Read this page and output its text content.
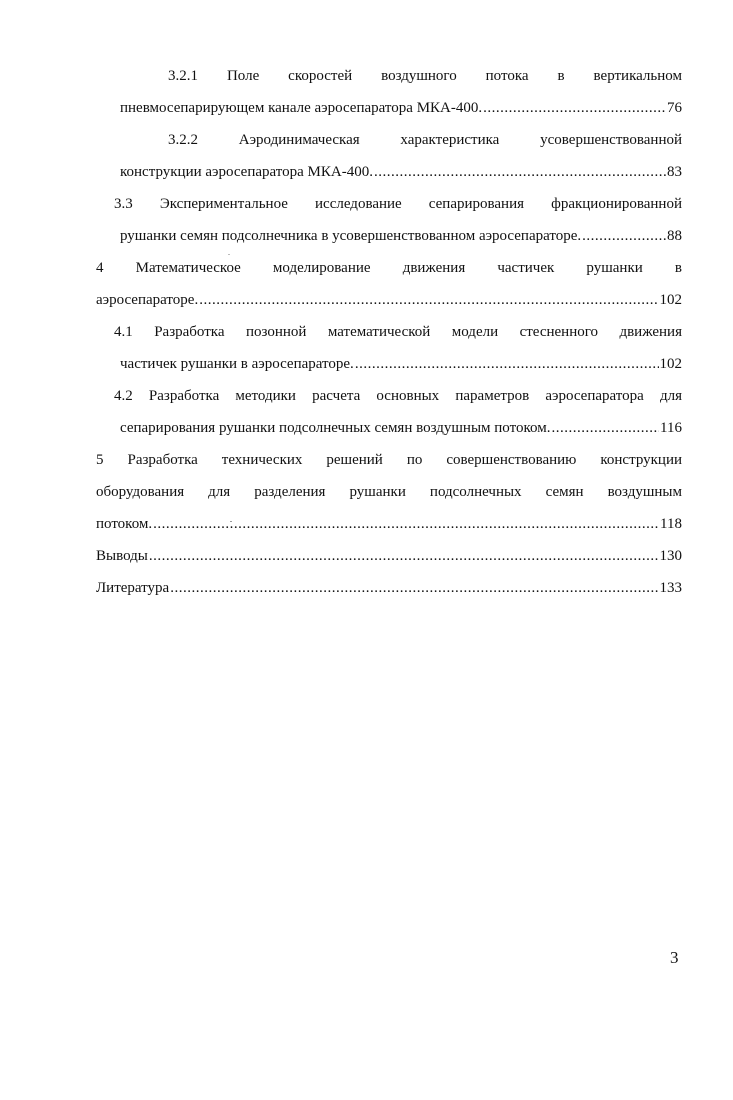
3.2.1 Поле скоростей воздушного потока в вертикальном
пневмосепарирующем канале аэросепаратора МКА-400. .....	76
3.2.2 Аэродинимаческая характеристика усовершенствованной
конструкции аэросепаратора МКА-400. .....	83
3.3 Экспериментальное исследование сепарирования фракционированной
рушанки семян подсолнечника в усовершенствованном аэросепараторе. .....	88
4 Математическое моделирование движения частичек рушанки в
аэросепараторе. .....	102
4.1 Разработка позонной математической модели стесненного движения
частичек рушанки в аэросепараторе. .....	102
4.2 Разработка методики расчета основных параметров аэросепаратора для
сепарирования рушанки подсолнечных семян воздушным потоком. .....	116
5 Разработка технических решений по совершенствованию конструкции
оборудования для разделения рушанки подсолнечных семян воздушным
потоком. .....	118
Выводы .....	130
Литература .....	133
3
